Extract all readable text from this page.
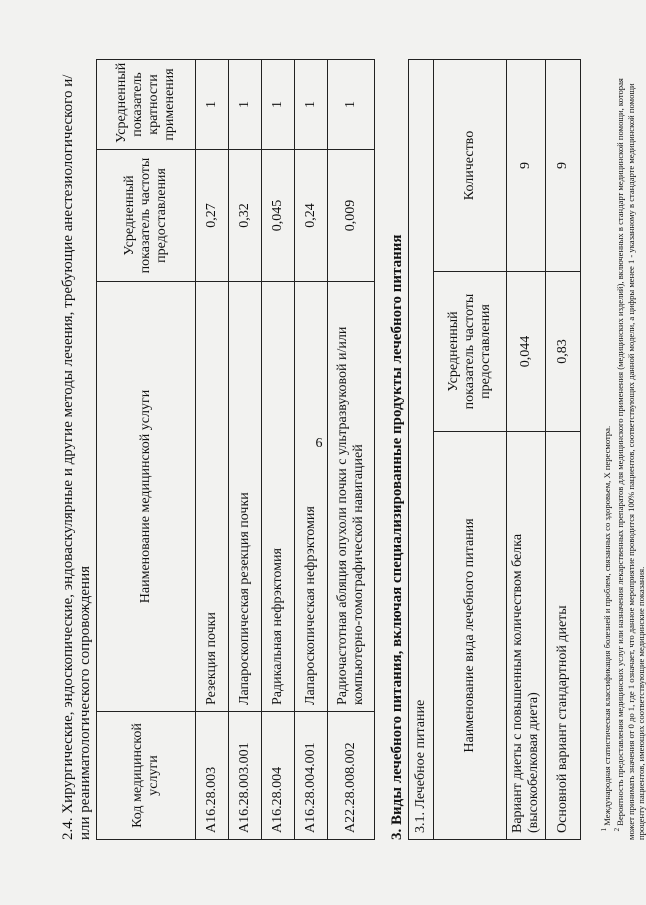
6
2.4. Хирургические, эндоскопические, эндоваскулярные и другие методы лечения, требующие анестезиологического и/или реаниматологического сопровождения	Код медицинской услуги	Наименование медицинской услуги	Усредненный показатель частоты предоставления	Усредненный показатель кратности применения
A16.28.003	Резекция почки	0,27	1
A16.28.003.001	Лапароскопическая резекция почки	0,32	1
A16.28.004	Радикальная нефрэктомия	0,045	1
A16.28.004.001	Лапароскопическая нефрэктомия	0,24	1
A22.28.008.002	Радиочастотная абляция опухоли почки с ультразвуковой и/или компьютерно-томографической навигацией	0,009	1
3. Виды лечебного питания, включая специализированные продукты лечебного питания 3.1. Лечебное питание		
Наименование вида лечебного питания	Усредненный показатель частоты предоставления	Количество
Вариант диеты с повышенным количеством белка (высокобелковая диета)	0,044	9
Основной вариант стандартной диеты	0,83	9
$^1$ Международная статистическая классификация болезней и проблем, связанных со здоровьем, X пересмотра.
$^2$ Вероятность предоставления медицинских услуг или назначения лекарственных препаратов для медицинского применения (медицинских изделий), включенных в стандарт медицинской помощи, которая может принимать значения от 0 до 1, где 1 означает, что данное мероприятие проводится 100% пациентов, соответствующих данной модели, а цифры менее 1 - указанному в стандарте медицинской помощи проценту пациентов, имеющих соответствующие медицинские показания.
